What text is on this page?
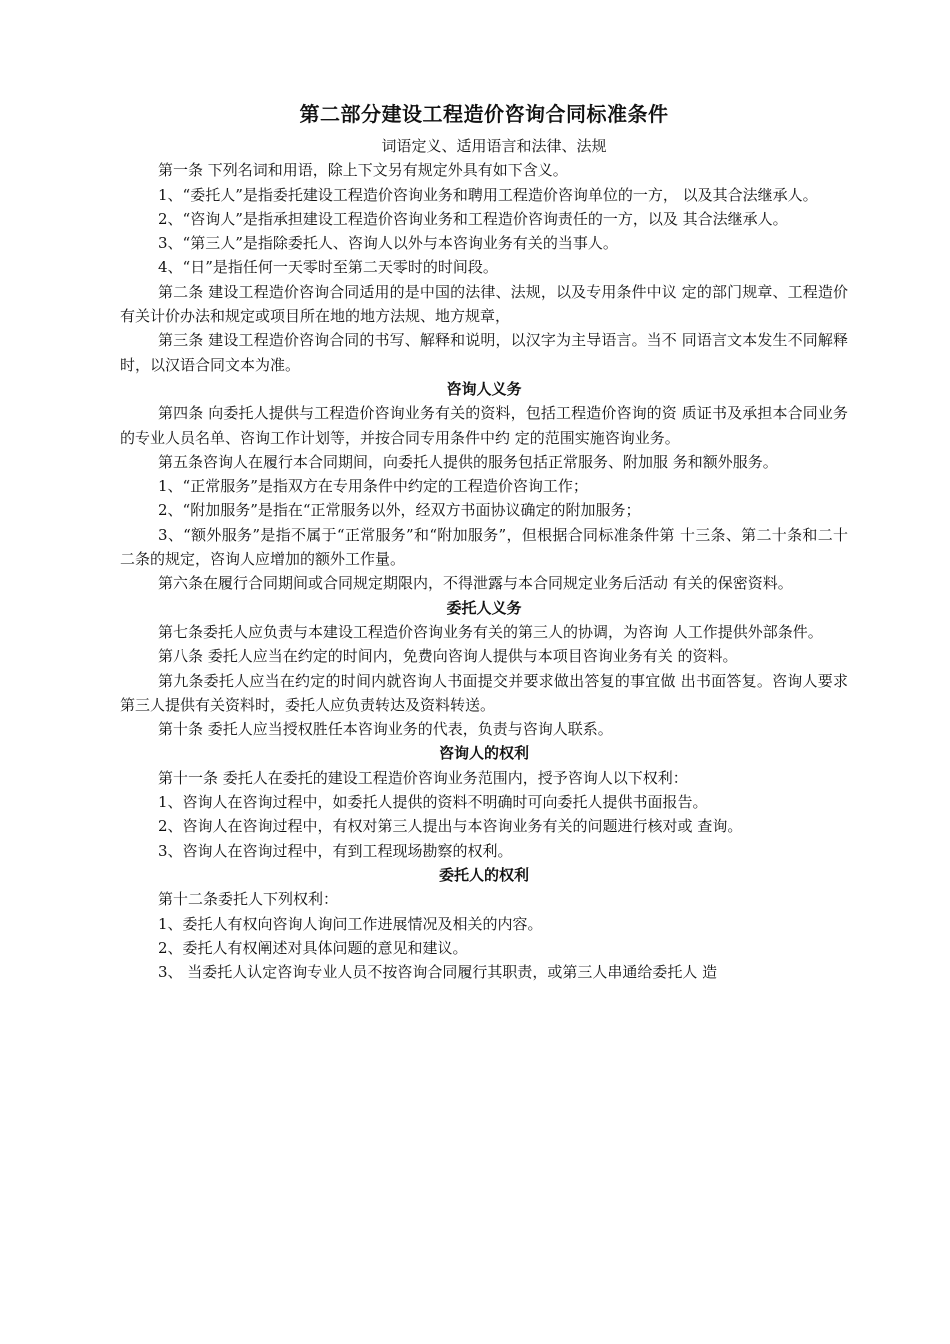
第二部分建设工程造价咨询合同标准条件
词语定义、适用语言和法律、法规

第一条 下列名词和用语，除上下文另有规定外具有如下含义。

1、“委托人”是指委托建设工程造价咨询业务和聘用工程造价咨询单位的一方， 以及其合法继承人。

2、“咨询人”是指承担建设工程造价咨询业务和工程造价咨询责任的一方，以及 其合法继承人。

3、“第三人”是指除委托人、咨询人以外与本咨询业务有关的当事人。

4、“日”是指任何一天零时至第二天零时的时间段。

第二条 建设工程造价咨询合同适用的是中国的法律、法规，以及专用条件中议 定的部门规章、工程造价有关计价办法和规定或项目所在地的地方法规、地方规章，

第三条 建设工程造价咨询合同的书写、解释和说明，以汉字为主导语言。当不 同语言文本发生不同解释时，以汉语合同文本为准。

咨询人义务

第四条 向委托人提供与工程造价咨询业务有关的资料，包括工程造价咨询的资 质证书及承担本合同业务的专业人员名单、咨询工作计划等，并按合同专用条件中约 定的范围实施咨询业务。

第五条咨询人在履行本合同期间，向委托人提供的服务包括正常服务、附加服 务和额外服务。

1、“正常服务”是指双方在专用条件中约定的工程造价咨询工作；

2、“附加服务”是指在“正常服务以外，经双方书面协议确定的附加服务；

3、“额外服务”是指不属于“正常服务”和“附加服务”，但根据合同标准条件第 十三条、第二十条和二十二条的规定，咨询人应增加的额外工作量。

第六条在履行合同期间或合同规定期限内，不得泄露与本合同规定业务后活动 有关的保密资料。

委托人义务

第七条委托人应负责与本建设工程造价咨询业务有关的第三人的协调，为咨询 人工作提供外部条件。

第八条 委托人应当在约定的时间内，免费向咨询人提供与本项目咨询业务有关 的资料。

第九条委托人应当在约定的时间内就咨询人书面提交并要求做出答复的事宜做 出书面答复。咨询人要求第三人提供有关资料时，委托人应负责转达及资料转送。

第十条 委托人应当授权胜任本咨询业务的代表，负责与咨询人联系。

咨询人的权利

第十一条 委托人在委托的建设工程造价咨询业务范围内，授予咨询人以下权利：

1、咨询人在咨询过程中，如委托人提供的资料不明确时可向委托人提供书面报告。

2、咨询人在咨询过程中，有权对第三人提出与本咨询业务有关的问题进行核对或 查询。

3、咨询人在咨询过程中，有到工程现场勘察的权利。

委托人的权利

第十二条委托人下列权利：

1、委托人有权向咨询人询问工作进展情况及相关的内容。

2、委托人有权阐述对具体问题的意见和建议。

3、 当委托人认定咨询专业人员不按咨询合同履行其职责，或第三人串通给委托人 造
